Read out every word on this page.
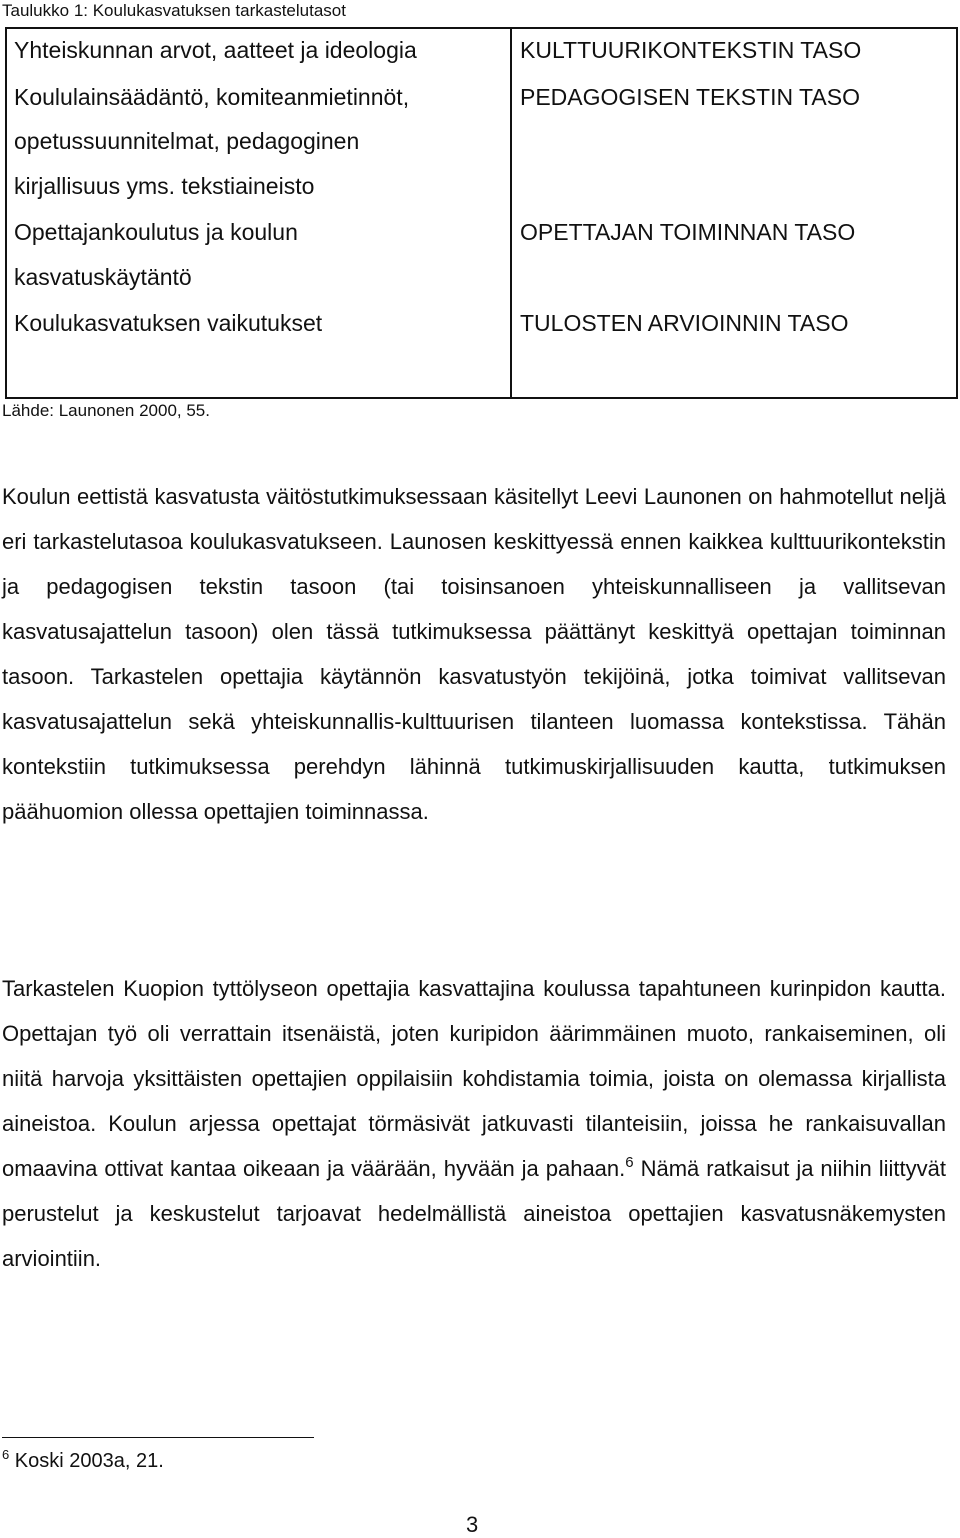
Taulukko 1: Koulukasvatuksen tarkastelutasot
Yhteiskunnan arvot, aatteet ja ideologia
Koululainsäädäntö, komiteanmietinnöt,
opetussuunnitelmat, pedagoginen
kirjallisuus yms. tekstiaineisto
Opettajankoulutus ja koulun
kasvatuskäytäntö
Koulukasvatuksen vaikutukset
KULTTUURIKONTEKSTIN TASO
PEDAGOGISEN TEKSTIN TASO
OPETTAJAN TOIMINNAN TASO
TULOSTEN ARVIOINNIN TASO
Lähde: Launonen 2000, 55.

Koulun eettistä kasvatusta väitöstutkimuksessaan käsitellyt Leevi Launonen on hahmotellut neljä eri tarkastelutasoa koulukasvatukseen. Launosen keskittyessä ennen kaikkea kulttuurikontekstin ja pedagogisen tekstin tasoon (tai toisinsanoen yhteiskunnalliseen ja vallitsevan kasvatusajattelun tasoon) olen tässä tutkimuksessa päättänyt keskittyä opettajan toiminnan tasoon. Tarkastelen opettajia käytännön kasvatustyön tekijöinä, jotka toimivat vallitsevan kasvatusajattelun sekä yhteiskunnallis-kulttuurisen tilanteen luomassa kontekstissa. Tähän kontekstiin tutkimuksessa perehdyn lähinnä tutkimuskirjallisuuden kautta, tutkimuksen päähuomion ollessa opettajien toiminnassa.

Tarkastelen Kuopion tyttölyseon opettajia kasvattajina koulussa tapahtuneen kurinpidon kautta. Opettajan työ oli verrattain itsenäistä, joten kuripidon äärimmäinen muoto, rankaiseminen, oli niitä harvoja yksittäisten opettajien oppilaisiin kohdistamia toimia, joista on olemassa kirjallista aineistoa. Koulun arjessa opettajat törmäsivät jatkuvasti tilanteisiin, joissa he rankaisuvallan omaavina ottivat kantaa oikeaan ja väärään, hyvään ja pahaan.$^6$ Nämä ratkaisut ja niihin liittyvät perustelut ja keskustelut tarjoavat hedelmällistä aineistoa opettajien kasvatusnäkemysten arviointiin.

$^6$ Koski 2003a, 21.
3
